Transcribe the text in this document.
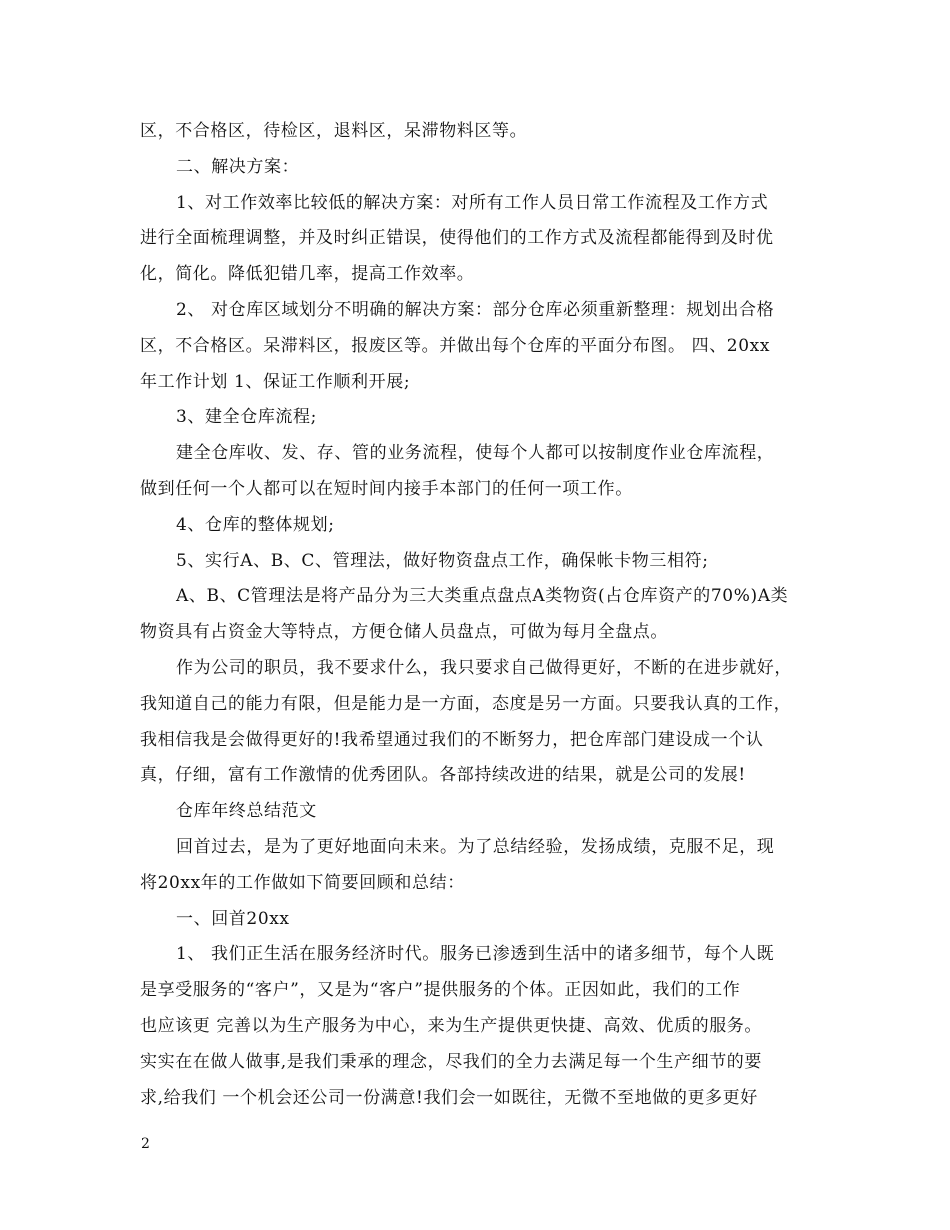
区，不合格区，待检区，退料区，呆滞物料区等。
二、解决方案：
1、对工作效率比较低的解决方案：对所有工作人员日常工作流程及工作方式
进行全面梳理调整，并及时纠正错误，使得他们的工作方式及流程都能得到及时优
化，简化。降低犯错几率，提高工作效率。
2、 对仓库区域划分不明确的解决方案：部分仓库必须重新整理：规划出合格
区，不合格区。呆滞料区，报废区等。并做出每个仓库的平面分布图。 四、20xx
年工作计划 1、保证工作顺利开展;
3、建全仓库流程;
建全仓库收、发、存、管的业务流程，使每个人都可以按制度作业仓库流程，
做到任何一个人都可以在短时间内接手本部门的任何一项工作。
4、仓库的整体规划;
5、实行A、B、C、管理法，做好物资盘点工作，确保帐卡物三相符;
A、B、C管理法是将产品分为三大类重点盘点A类物资(占仓库资产的70%)A类
物资具有占资金大等特点，方便仓储人员盘点，可做为每月全盘点。
作为公司的职员，我不要求什么，我只要求自己做得更好，不断的在进步就好，
我知道自己的能力有限，但是能力是一方面，态度是另一方面。只要我认真的工作，
我相信我是会做得更好的!我希望通过我们的不断努力，把仓库部门建设成一个认
真，仔细，富有工作激情的优秀团队。各部持续改进的结果，就是公司的发展!
仓库年终总结范文
回首过去，是为了更好地面向未来。为了总结经验，发扬成绩，克服不足，现
将20xx年的工作做如下简要回顾和总结：
一、回首20xx
1、 我们正生活在服务经济时代。服务已渗透到生活中的诸多细节，每个人既
是享受服务的“客户”，又是为“客户”提供服务的个体。正因如此，我们的工作
也应该更 完善以为生产服务为中心，来为生产提供更快捷、高效、优质的服务。
实实在在做人做事,是我们秉承的理念，尽我们的全力去满足每一个生产细节的要
求,给我们 一个机会还公司一份满意!我们会一如既往，无微不至地做的更多更好
2
